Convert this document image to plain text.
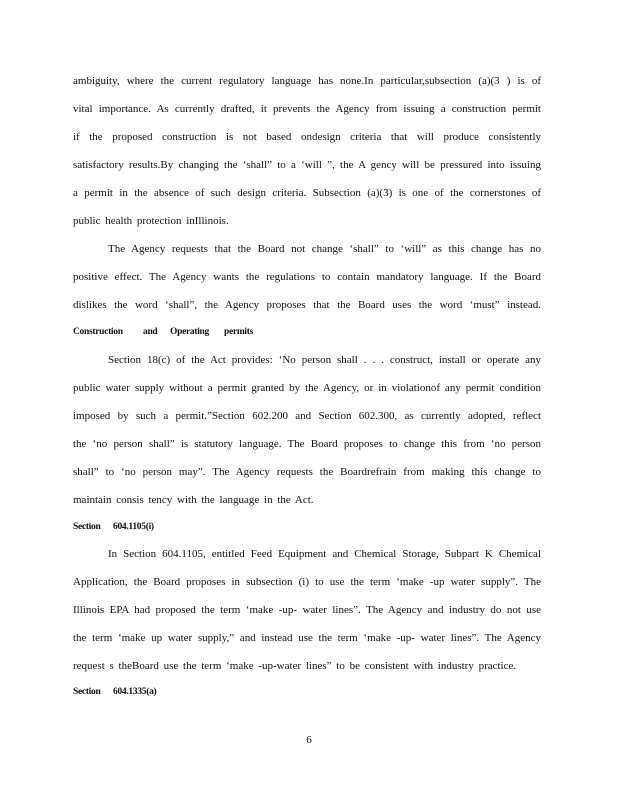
ambiguity, where the current regulatory language has none.In particular,subsection (a)(3 ) is of
vital importance. As currently drafted, it prevents the Agency from issuing a construction permit
if the proposed construction is not based ondesign criteria that will produce consistently
satisfactory results.By changing the ‘shall” to a ‘will ”, the A gency will be pressured into issuing
a permit in the absence of such design criteria. Subsection (a)(3) is one of the cornerstones of
public health protection inIllinois.
The Agency requests that the Board not change ‘shall” to ‘will” as this change has no
positive effect. The Agency wants the regulations to contain mandatory language. If the Board
dislikes the word ‘shall”, the Agency proposes that the Board uses the word ‘must” instead.
Construction and Operating permits
Section 18(c) of the Act provides: ‘No person shall . . . construct, install or operate any
public water supply without a permit granted by the Agency, or in violationof any permit condition
imposed by such a permit.”Section 602.200 and Section 602.300, as currently adopted, reflect
the ‘no person shall” is statutory language. The Board proposes to change this from ‘no person
shall” to ‘no person may”. The Agency requests the Boardrefrain from making this change to
maintain consis tency with the language in the Act.
Section 604.1105(i)
In Section 604.1105, entitled Feed Equipment and Chemical Storage, Subpart K Chemical
Application, the Board proposes in subsection (i) to use the term ‘make -up water supply”. The
Illinois EPA had proposed the term ‘make -up- water lines”. The Agency and industry do not use
the term ‘make up water supply,” and instead use the term ‘make -up- water lines”. The Agency
request s theBoard use the term ‘make -up-water lines” to be consistent with industry practice.
Section 604.1335(a)
6
